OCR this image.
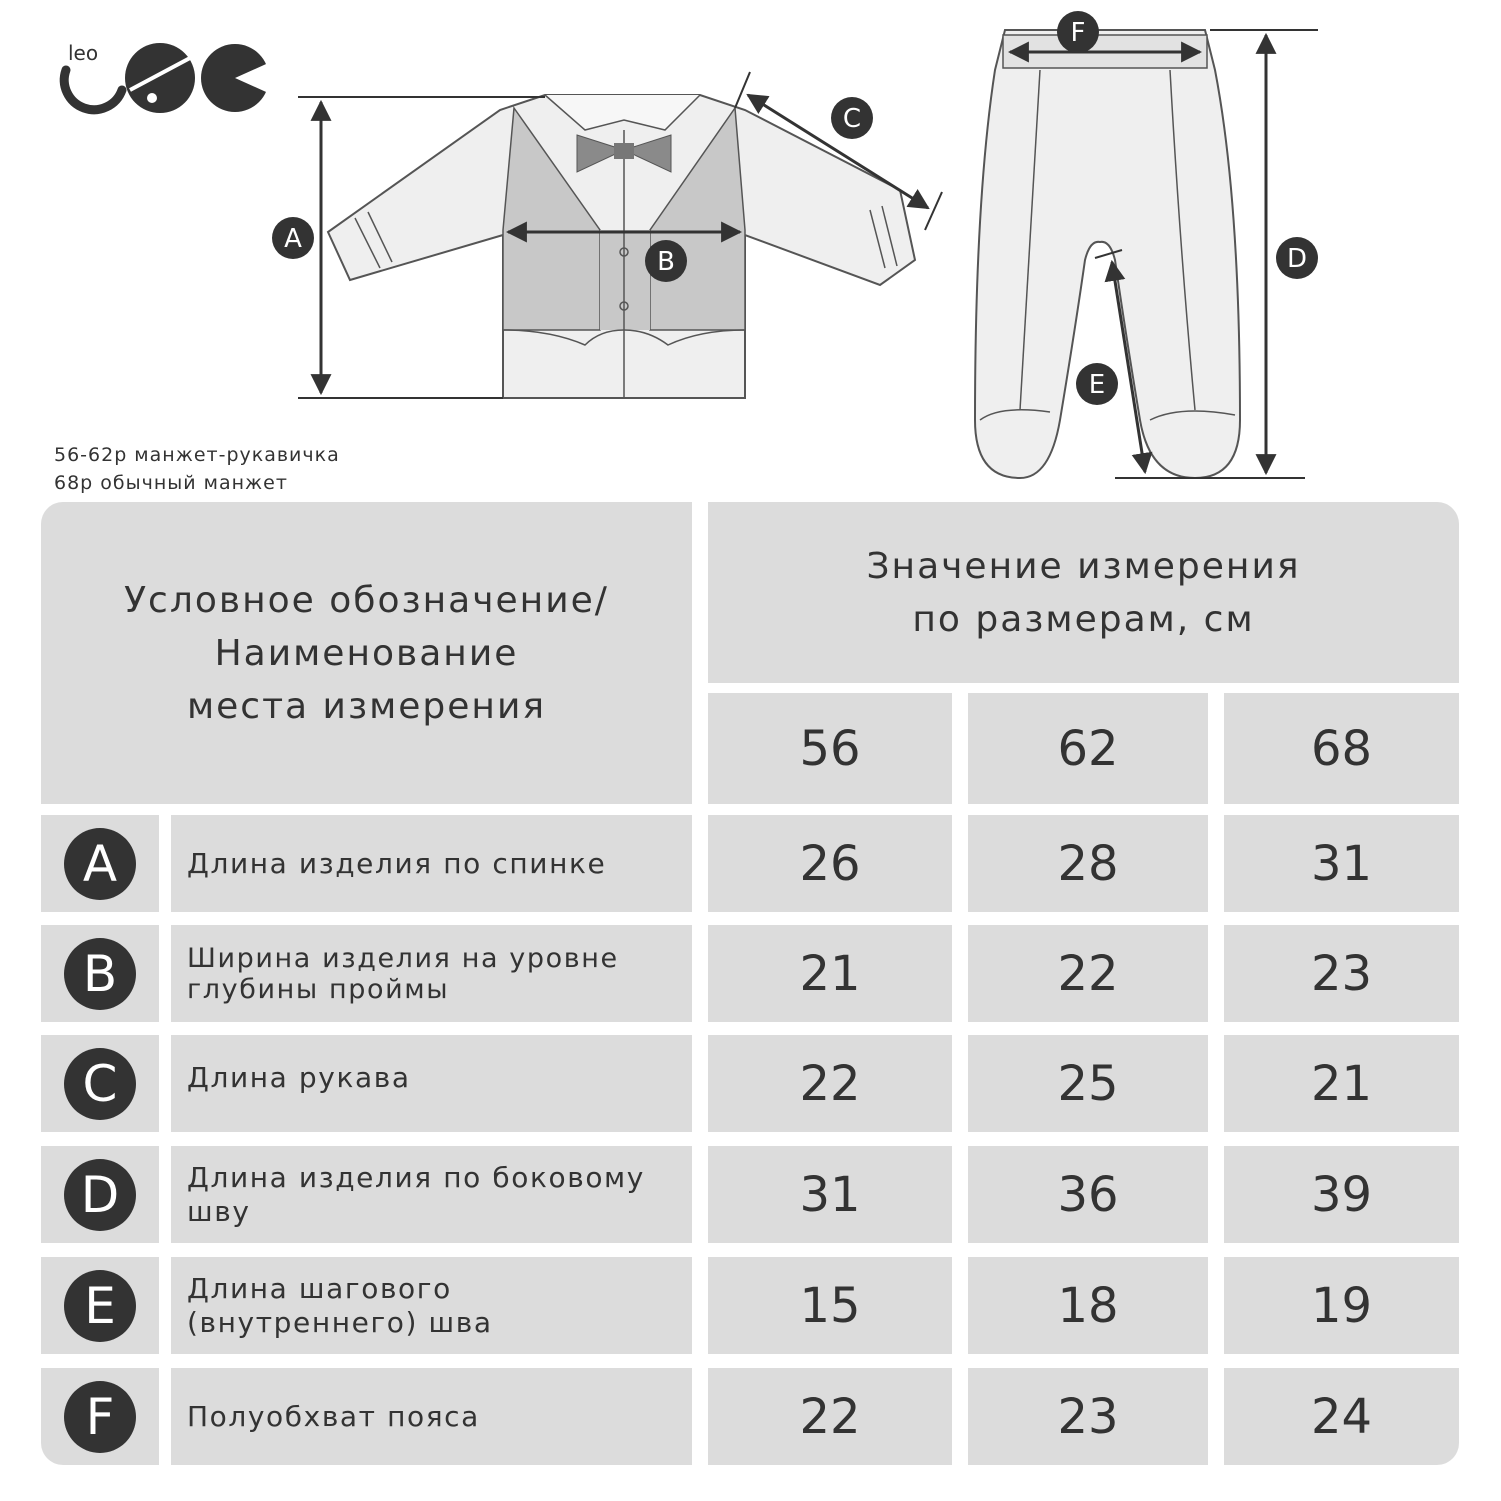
leo
A
B
C
D
E
F
56-62р манжет-рукавичка
68р обычный манжет
Условное обозначение/
Наименование
места измерения
Значение измерения
по размерам, см
56	62	68
A	Длина изделия по спинке	26	28	31
B	Ширина изделия на уровне глубины проймы	21	22	23
C	Длина рукава	22	25	21
D	Длина изделия по боковому шву	31	36	39
E	Длина шагового (внутреннего) шва	15	18	19
F	Полуобхват пояса	22	23	24
